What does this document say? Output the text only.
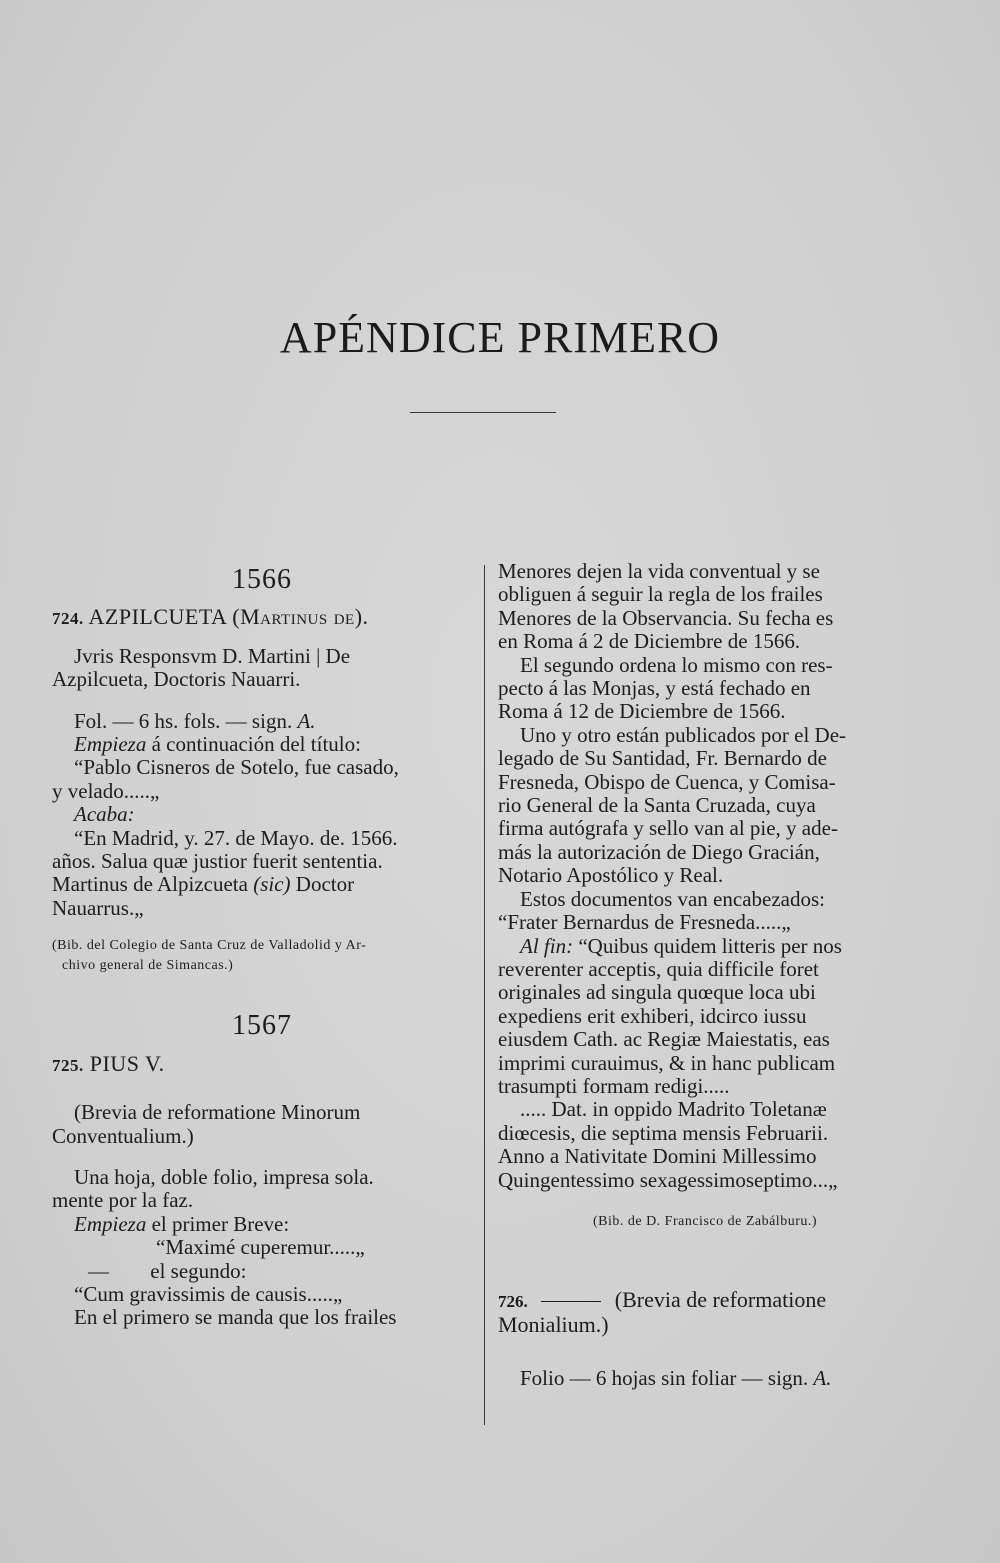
APÉNDICE PRIMERO
1566
724. AZPILCUETA (Martinus de).

Jvris Responsvm D. Martini | De

Azpilcueta, Doctoris Nauarri.

Fol. — 6 hs. fols. — sign. A.

Empieza á continuación del título:

“Pablo Cisneros de Sotelo, fue casado,

y velado.....„

Acaba:

“En Madrid, y. 27. de Mayo. de. 1566.

años. Salua quæ justior fuerit sententia.

Martinus de Alpizcueta (sic) Doctor

Nauarrus.„

(Bib. del Colegio de Santa Cruz de Valladolid y Ar-
chivo general de Simancas.)
1567
725. PIUS V.

(Brevia de reformatione Minorum

Conventualium.)

Una hoja, doble folio, impresa sola.

mente por la faz.

Empieza el primer Breve:

“Maximé cuperemur.....„

— el segundo:

“Cum gravissimis de causis.....„

En el primero se manda que los frailes

Menores dejen la vida conventual y se

obliguen á seguir la regla de los frailes

Menores de la Observancia. Su fecha es

en Roma á 2 de Diciembre de 1566.

El segundo ordena lo mismo con res-

pecto á las Monjas, y está fechado en

Roma á 12 de Diciembre de 1566.

Uno y otro están publicados por el De-

legado de Su Santidad, Fr. Bernardo de

Fresneda, Obispo de Cuenca, y Comisa-

rio General de la Santa Cruzada, cuya

firma autógrafa y sello van al pie, y ade-

más la autorización de Diego Gracián,

Notario Apostólico y Real.

Estos documentos van encabezados:

“Frater Bernardus de Fresneda.....„

Al fin: “Quibus quidem litteris per nos

reverenter acceptis, quia difficile foret

originales ad singula quœque loca ubi

expediens erit exhiberi, idcirco iussu

eiusdem Cath. ac Regiæ Maiestatis, eas

imprimi curauimus, & in hanc publicam

trasumpti formam redigi.....

..... Dat. in oppido Madrito Toletanæ

diœcesis, die septima mensis Februarii.

Anno a Nativitate Domini Millessimo

Quingentessimo sexagessimoseptimo...„

(Bib. de D. Francisco de Zabálburu.)

726.	(Brevia de reformatione

Monialium.)

Folio — 6 hojas sin foliar — sign. A.
